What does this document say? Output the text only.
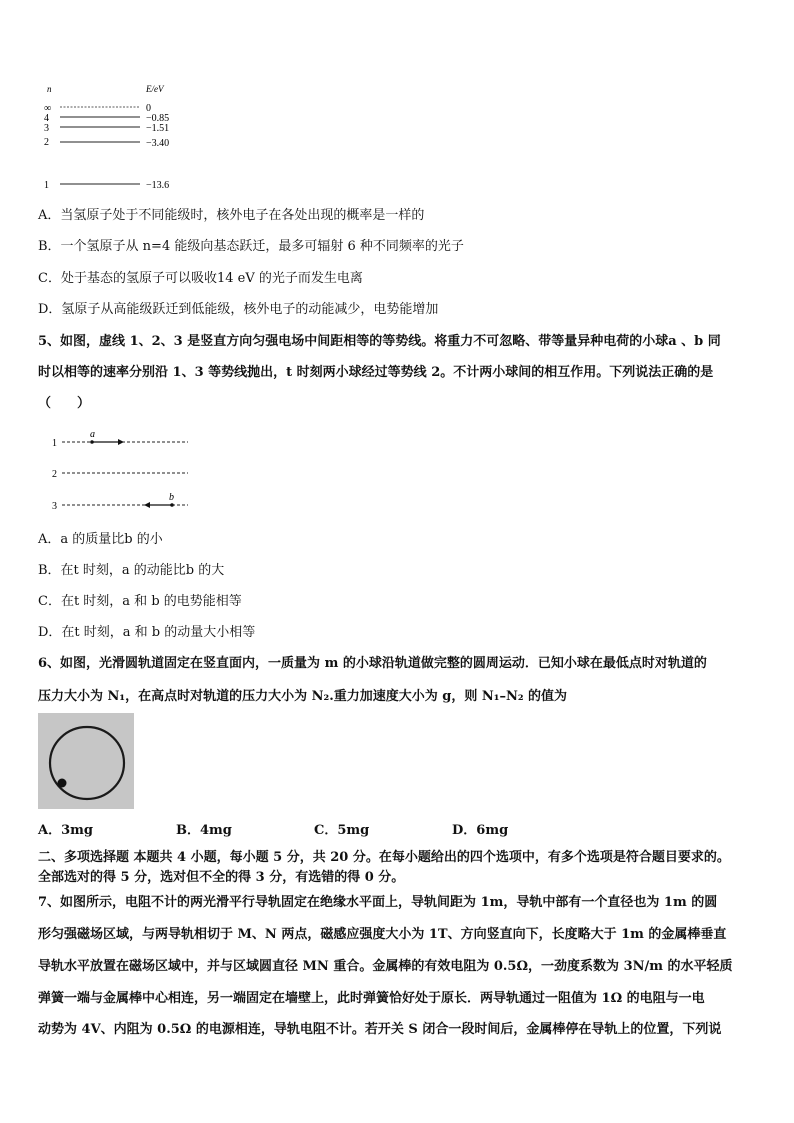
n	E/eV
∞	0
4	−0.85
3	−1.51
2	−3.40
1	−13.6
A．当氢原子处于不同能级时，核外电子在各处出现的概率是一样的
B．一个氢原子从 n=4 能级向基态跃迁，最多可辐射 6 种不同频率的光子
C．处于基态的氢原子可以吸收14 eV 的光子而发生电离
D．氢原子从高能级跃迁到低能级，核外电子的动能减少，电势能增加
5、如图，虚线 1、2、3 是竖直方向匀强电场中间距相等的等势线。将重力不可忽略、带等量异种电荷的小球a 、b 同
时以相等的速率分别沿 1、3 等势线抛出，t 时刻两小球经过等势线 2。不计两小球间的相互作用。下列说法正确的是
（　　）
1
a
2
3
b
A．a 的质量比b 的小
B．在t 时刻，a 的动能比b 的大
C．在t 时刻，a 和 b 的电势能相等
D．在t 时刻，a 和 b 的动量大小相等
6、如图，光滑圆轨道固定在竖直面内，一质量为 m 的小球沿轨道做完整的圆周运动．已知小球在最低点时对轨道的
压力大小为 N₁，在高点时对轨道的压力大小为 N₂.重力加速度大小为 g，则 N₁–N₂ 的值为
A．3mg	B．4mg	C．5mg	D．6mg
二、多项选择题 本题共 4 小题，每小题 5 分，共 20 分。在每小题给出的四个选项中，有多个选项是符合题目要求的。
全部选对的得 5 分，选对但不全的得 3 分，有选错的得 0 分。
7、如图所示，电阻不计的两光滑平行导轨固定在绝缘水平面上，导轨间距为 1m，导轨中部有一个直径也为 1m 的圆
形匀强磁场区域，与两导轨相切于 M、N 两点，磁感应强度大小为 1T、方向竖直向下，长度略大于 1m 的金属棒垂直
导轨水平放置在磁场区域中，并与区域圆直径 MN 重合。金属棒的有效电阻为 0.5Ω，一劲度系数为 3N/m 的水平轻质
弹簧一端与金属棒中心相连，另一端固定在墙壁上，此时弹簧恰好处于原长．两导轨通过一阻值为 1Ω 的电阻与一电
动势为 4V、内阻为 0.5Ω 的电源相连，导轨电阻不计。若开关 S 闭合一段时间后，金属棒停在导轨上的位置，下列说
